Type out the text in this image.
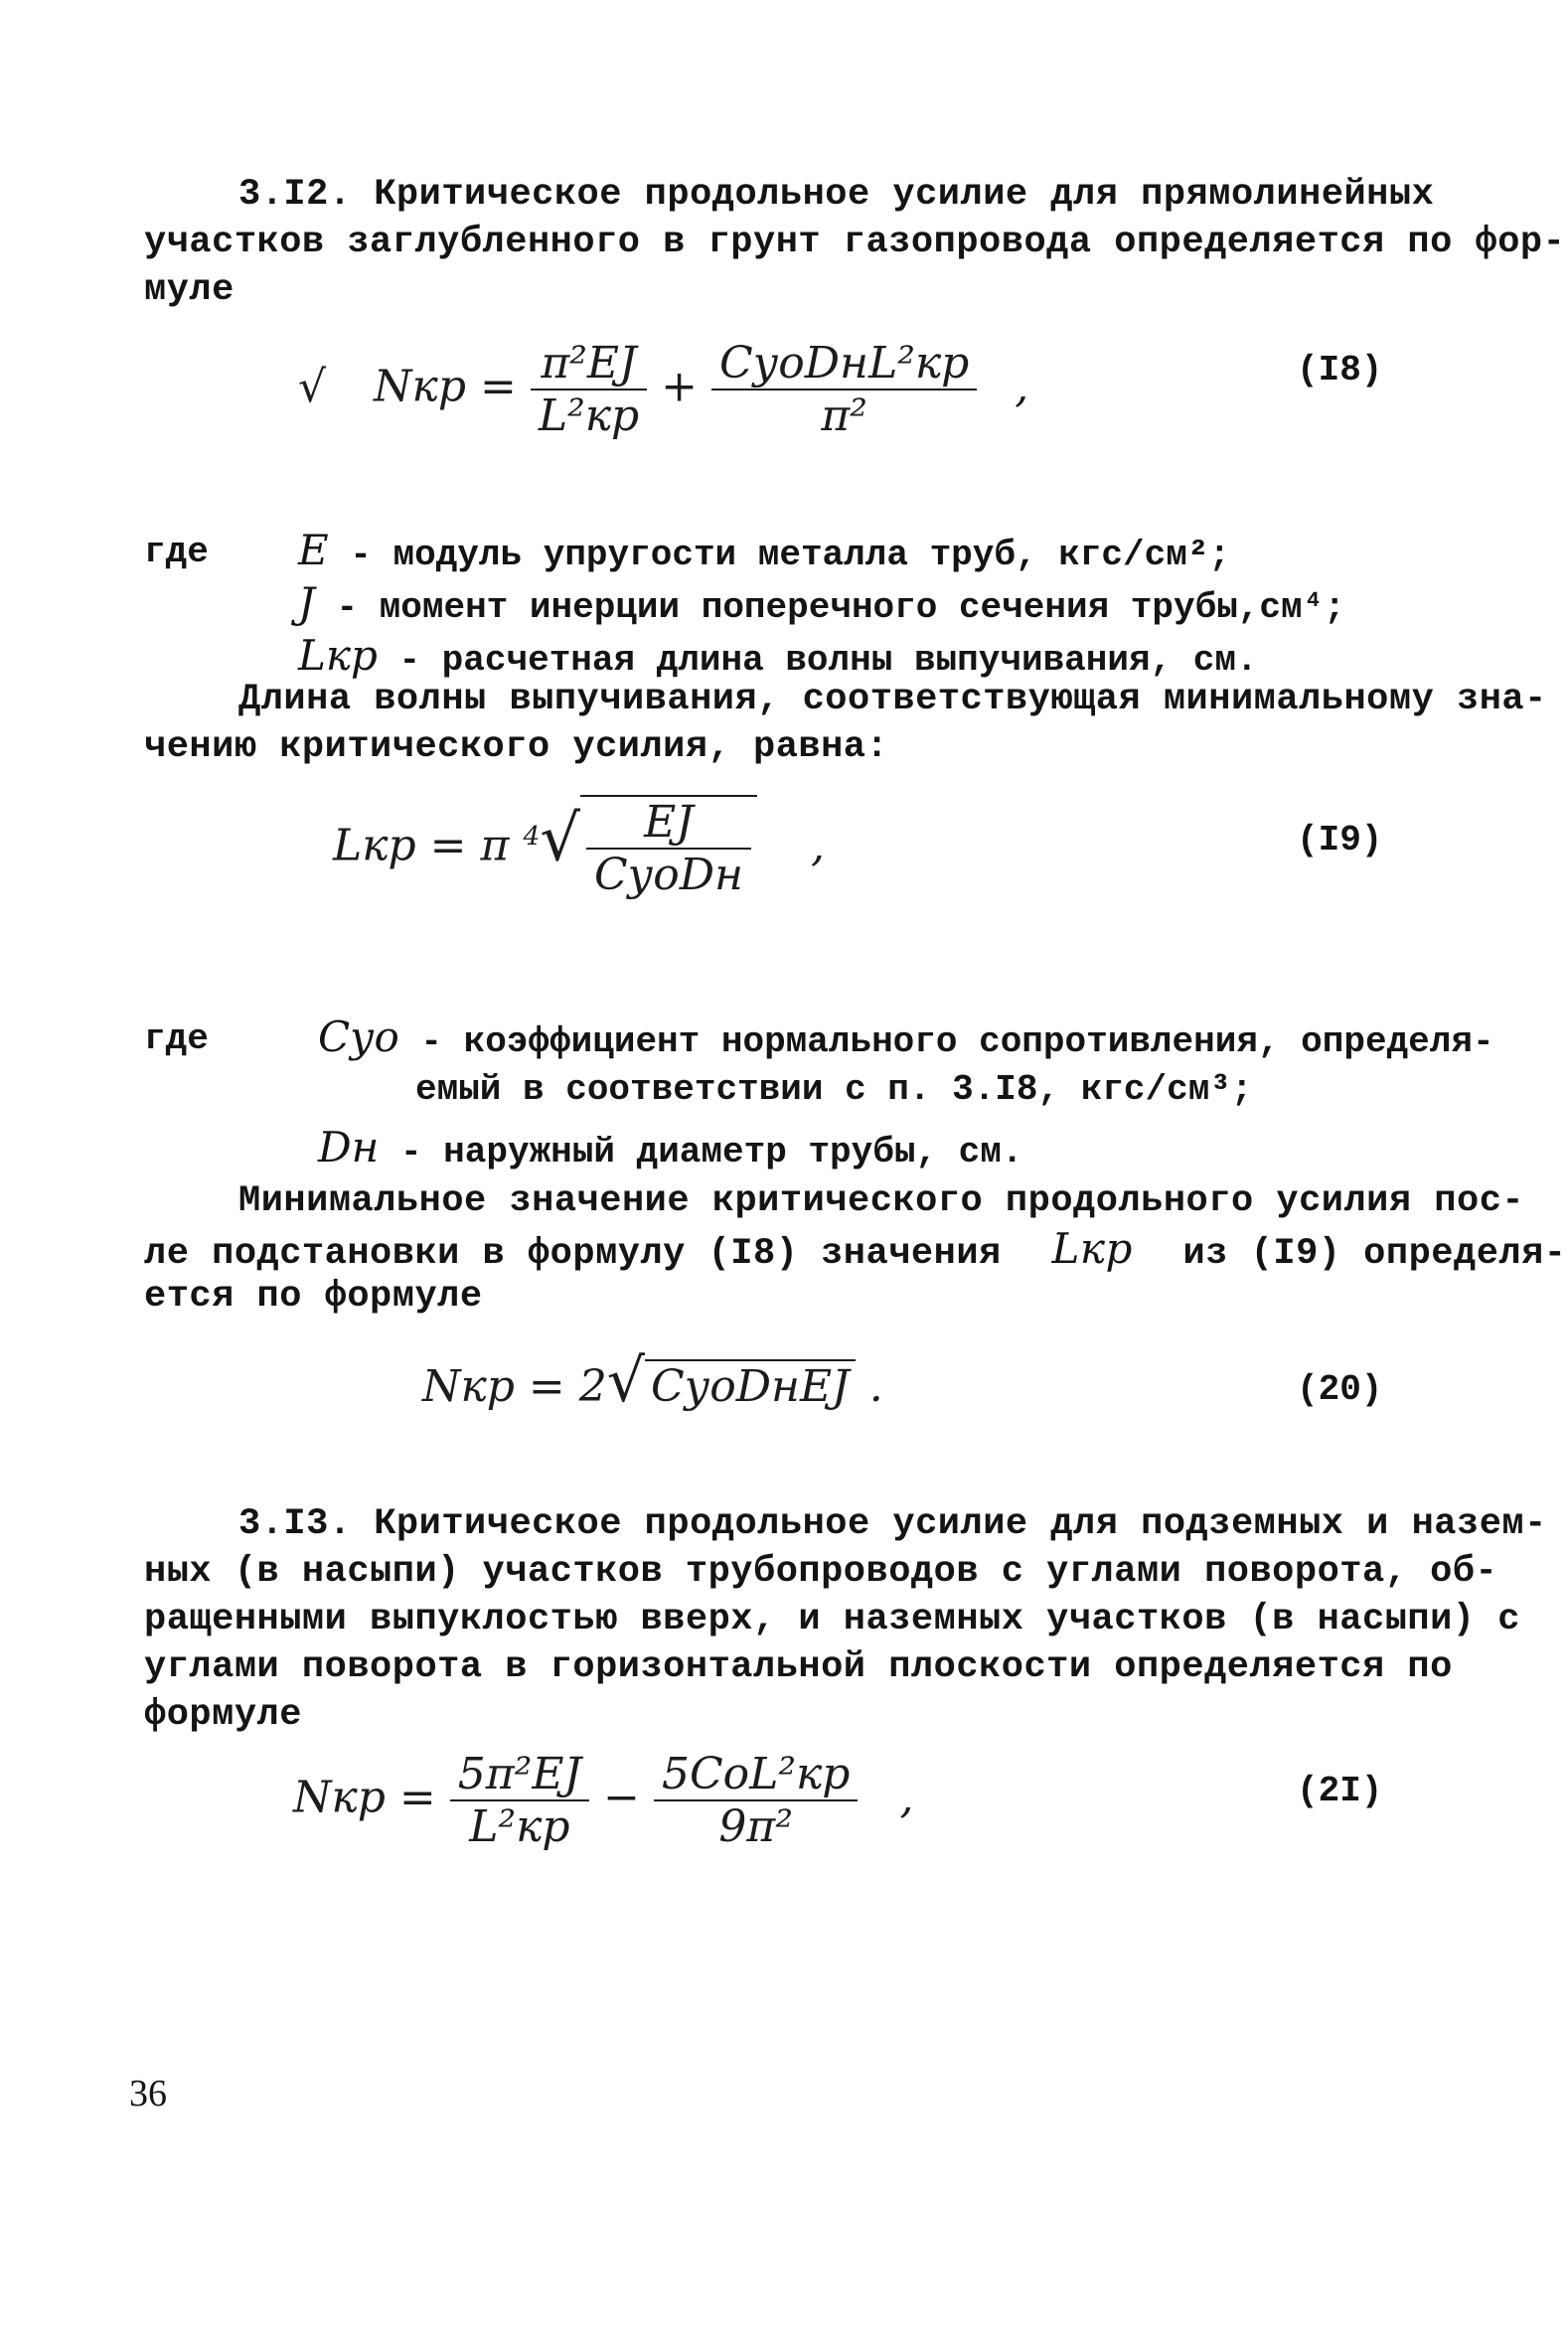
3.I2. Критическое продольное усилие для прямолинейных
участков заглубленного в грунт газопровода определяется по фор-
муле
√ Nкр = $\frac{\text{π²EJ}}{\text{L²кр}} + \frac{\text{CуоDнL²кр}}{\text{π²}}$ ,	(I8)
где E - модуль упругости металла труб, кгс/см²;
J - момент инерции поперечного сечения трубы,см⁴;
Lкр - расчетная длина волны выпучивания, см.
Длина волны выпучивания, соответствующая минимальному зна-
чению критического усилия, равна:
Lкр = π $^4√ \frac{EJ}{\text{CуоDн}}$ ,	(I9)
где	Cуо - коэффициент нормального сопротивления, определя-
емый в соответствии с п. 3.I8, кгс/см³;
Dн - наружный диаметр трубы, см.
Минимальное значение критического продольного усилия пос-
ле подстановки в формулу (I8) значения Lкр из (I9) определя-
ется по формуле
Nкр = 2√ CуоDнEJ .	(20)
3.I3. Критическое продольное усилие для подземных и назем-
ных (в насыпи) участков трубопроводов с углами поворота, об-
ращенными выпуклостью вверх, и наземных участков (в насыпи) с
углами поворота в горизонтальной плоскости определяется по
формуле
Nкр = $\frac{\text{5π²EJ}}{\text{L²кр}} - \frac{\text{5CoL²кр}}{\text{9π²}}$ ,	(2I)
36
